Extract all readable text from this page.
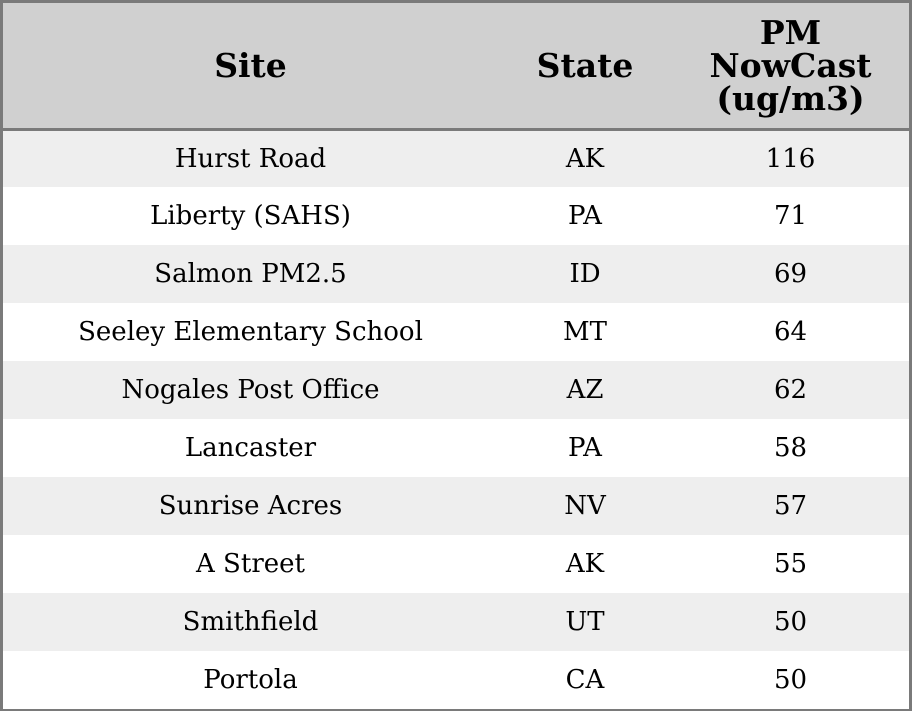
Site	State	PM
NowCast
(ug/m3)
Hurst Road	AK	116
Liberty (SAHS)	PA	71
Salmon PM2.5	ID	69
Seeley Elementary School	MT	64
Nogales Post Office	AZ	62
Lancaster	PA	58
Sunrise Acres	NV	57
A Street	AK	55
Smithfield	UT	50
Portola	CA	50
